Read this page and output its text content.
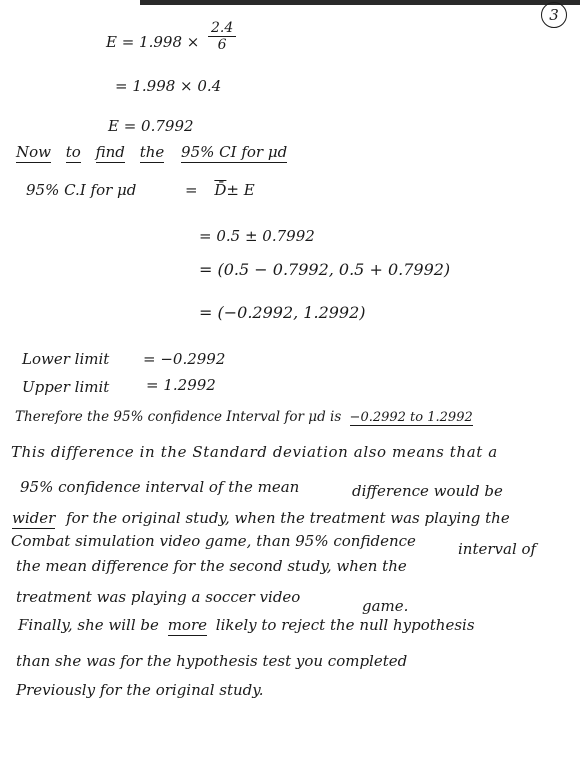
3
$E = 1.998 \times \frac{2.4}{6}$
= 1.998 × 0.4
E = 0.7992
Now to find the 95% CI for μd
95% C.I for μd	= D̄± E
= 0.5 ± 0.7992
= (0.5 − 0.7992, 0.5 + 0.7992)
= (−0.2992, 1.2992)
Lower limit = −0.2992
Upper limit = 1.2992
Therefore the 95% confidence Interval for μd is −0.2992 to 1.2992
This difference in the Standard deviation also means that a
95% confidence interval of the mean	difference would be
wider for the original study, when the treatment was playing the
Combat simulation video game, than 95% confidence	interval of
the mean difference for the second study, when the
treatment was playing a soccer video	game.
Finally, she will be more likely to reject the null hypothesis
than she was for the hypothesis test you completed
Previously for the original study.
